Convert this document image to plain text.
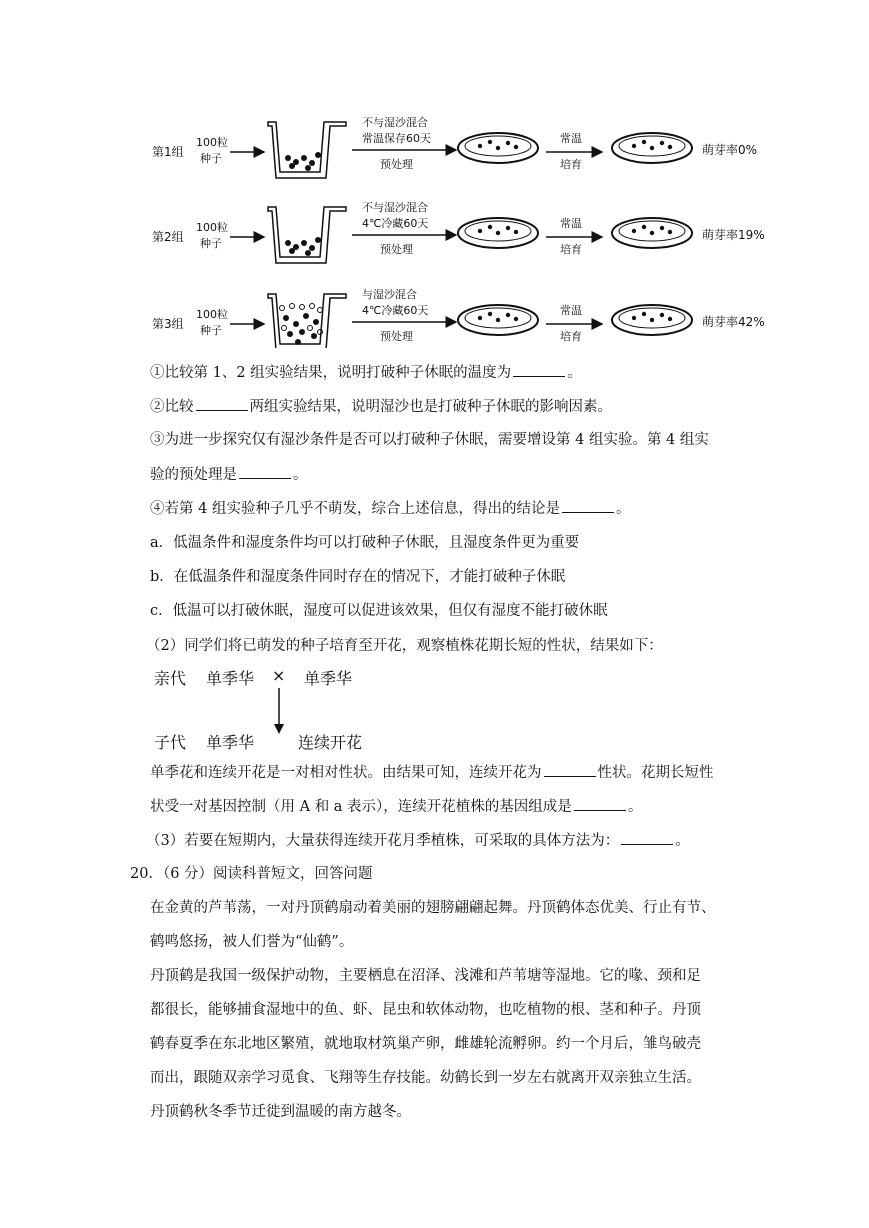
第1组
100粒
种子
不与湿沙混合
常温保存60天
预处理
常温
培育
萌芽率0%
第2组
100粒
种子
不与湿沙混合
4℃冷藏60天
预处理
常温
培育
萌芽率19%
第3组
100粒
种子
与湿沙混合
4℃冷藏60天
预处理
常温
培育
萌芽率42%
①比较第 1、2 组实验结果，说明打破种子休眠的温度为	。
②比较	两组实验结果，说明湿沙也是打破种子休眠的影响因素。
③为进一步探究仅有湿沙条件是否可以打破种子休眠，需要增设第 4 组实验。第 4 组实
验的预处理是	。
④若第 4 组实验种子几乎不萌发，综合上述信息，得出的结论是	。
a．低温条件和湿度条件均可以打破种子休眠，且湿度条件更为重要
b．在低温条件和湿度条件同时存在的情况下，才能打破种子休眠
c．低温可以打破休眠，湿度可以促进该效果，但仅有湿度不能打破休眠
（2）同学们将已萌发的种子培育至开花，观察植株花期长短的性状，结果如下：
亲代 单季华 × 单季华
子代 单季华	连续开花
单季花和连续开花是一对相对性状。由结果可知，连续开花为	性状。花期长短性
状受一对基因控制（用 A 和 a 表示），连续开花植株的基因组成是	。
（3）若要在短期内，大量获得连续开花月季植株，可采取的具体方法为：	。
20．（6 分）阅读科普短文，回答问题
在金黄的芦苇荡，一对丹顶鹤扇动着美丽的翅膀翩翩起舞。丹顶鹤体态优美、行止有节、
鹤鸣悠扬，被人们誉为“仙鹤”。
丹顶鹤是我国一级保护动物，主要栖息在沼泽、浅滩和芦苇塘等湿地。它的喙、颈和足
都很长，能够捕食湿地中的鱼、虾、昆虫和软体动物，也吃植物的根、茎和种子。丹顶
鹤春夏季在东北地区繁殖，就地取材筑巢产卵，雌雄轮流孵卵。约一个月后，雏鸟破壳
而出，跟随双亲学习觅食、飞翔等生存技能。幼鹤长到一岁左右就离开双亲独立生活。
丹顶鹤秋冬季节迁徙到温暖的南方越冬。
